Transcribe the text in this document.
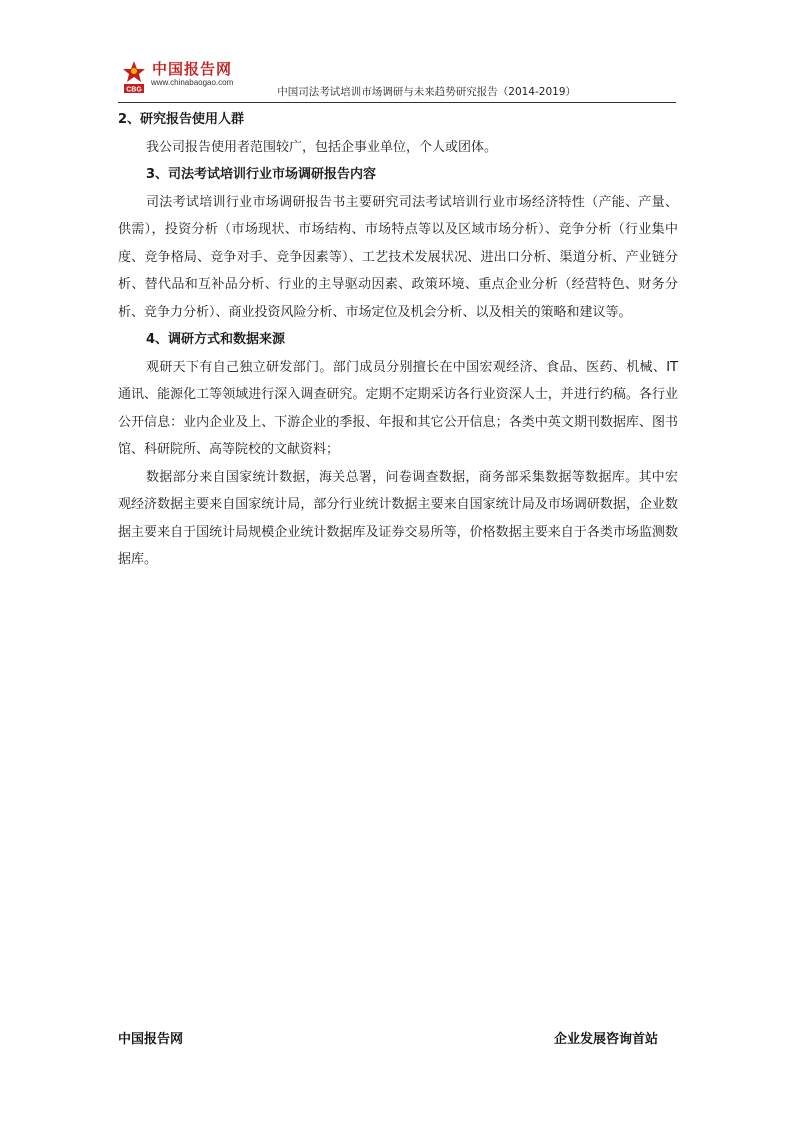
CBG
中国报告网
www.chinabaogao.com
中国司法考试培训市场调研与未来趋势研究报告（2014-2019）

2、研究报告使用人群

我公司报告使用者范围较广，包括企事业单位，个人或团体。

3、司法考试培训行业市场调研报告内容

司法考试培训行业市场调研报告书主要研究司法考试培训行业市场经济特性（产能、产量、供需），投资分析（市场现状、市场结构、市场特点等以及区域市场分析）、竞争分析（行业集中度、竞争格局、竞争对手、竞争因素等）、工艺技术发展状况、进出口分析、渠道分析、产业链分析、替代品和互补品分析、行业的主导驱动因素、政策环境、重点企业分析（经营特色、财务分析、竞争力分析）、商业投资风险分析、市场定位及机会分析、以及相关的策略和建议等。

4、调研方式和数据来源

观研天下有自己独立研发部门。部门成员分别擅长在中国宏观经济、食品、医药、机械、IT 通讯、能源化工等领域进行深入调查研究。定期不定期采访各行业资深人士，并进行约稿。各行业公开信息：业内企业及上、下游企业的季报、年报和其它公开信息；各类中英文期刊数据库、图书馆、科研院所、高等院校的文献资料；

数据部分来自国家统计数据，海关总署，问卷调查数据，商务部采集数据等数据库。其中宏观经济数据主要来自国家统计局，部分行业统计数据主要来自国家统计局及市场调研数据，企业数据主要来自于国统计局规模企业统计数据库及证券交易所等，价格数据主要来自于各类市场监测数据库。

中国报告网	企业发展咨询首站
